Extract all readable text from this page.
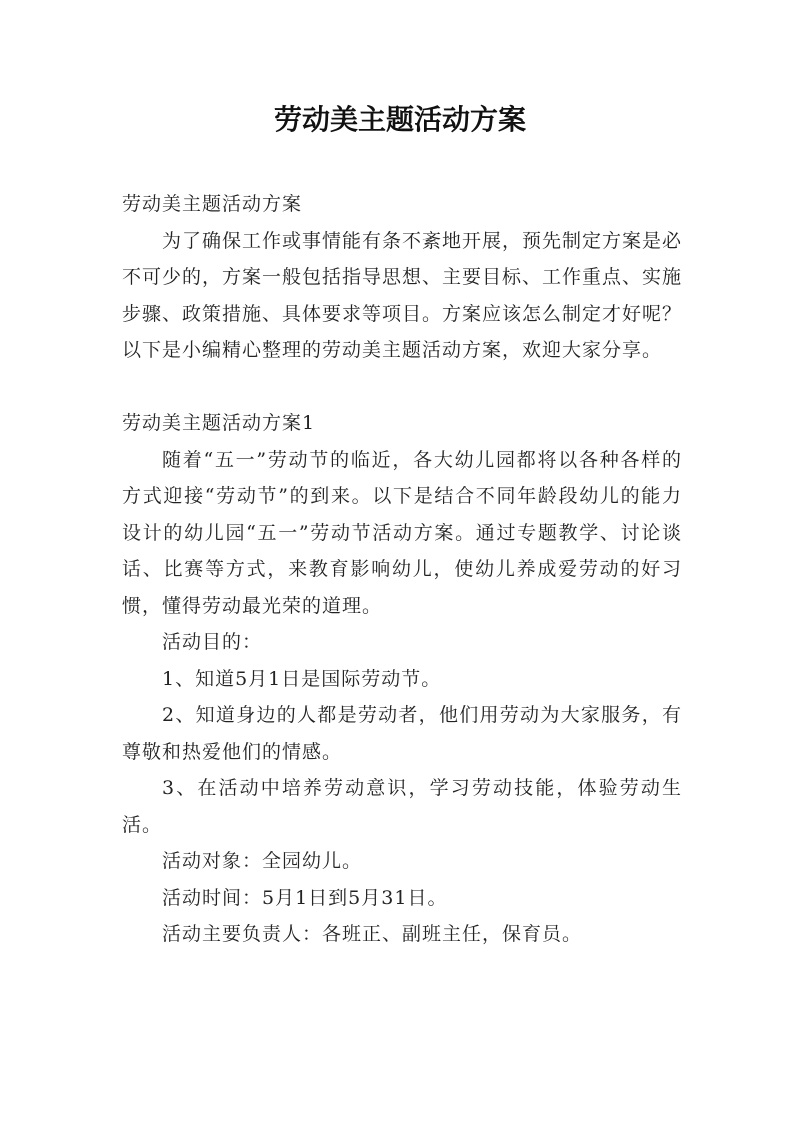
劳动美主题活动方案

劳动美主题活动方案

为了确保工作或事情能有条不紊地开展，预先制定方案是必不可少的，方案一般包括指导思想、主要目标、工作重点、实施步骤、政策措施、具体要求等项目。方案应该怎么制定才好呢？以下是小编精心整理的劳动美主题活动方案，欢迎大家分享。

劳动美主题活动方案1

随着“五一”劳动节的临近，各大幼儿园都将以各种各样的方式迎接“劳动节”的到来。以下是结合不同年龄段幼儿的能力设计的幼儿园“五一”劳动节活动方案。通过专题教学、讨论谈话、比赛等方式，来教育影响幼儿，使幼儿养成爱劳动的好习惯，懂得劳动最光荣的道理。

活动目的：

1、知道5月1日是国际劳动节。

2、知道身边的人都是劳动者，他们用劳动为大家服务，有尊敬和热爱他们的情感。

3、在活动中培养劳动意识，学习劳动技能，体验劳动生活。

活动对象：全园幼儿。

活动时间：5月1日到5月31日。

活动主要负责人：各班正、副班主任，保育员。
